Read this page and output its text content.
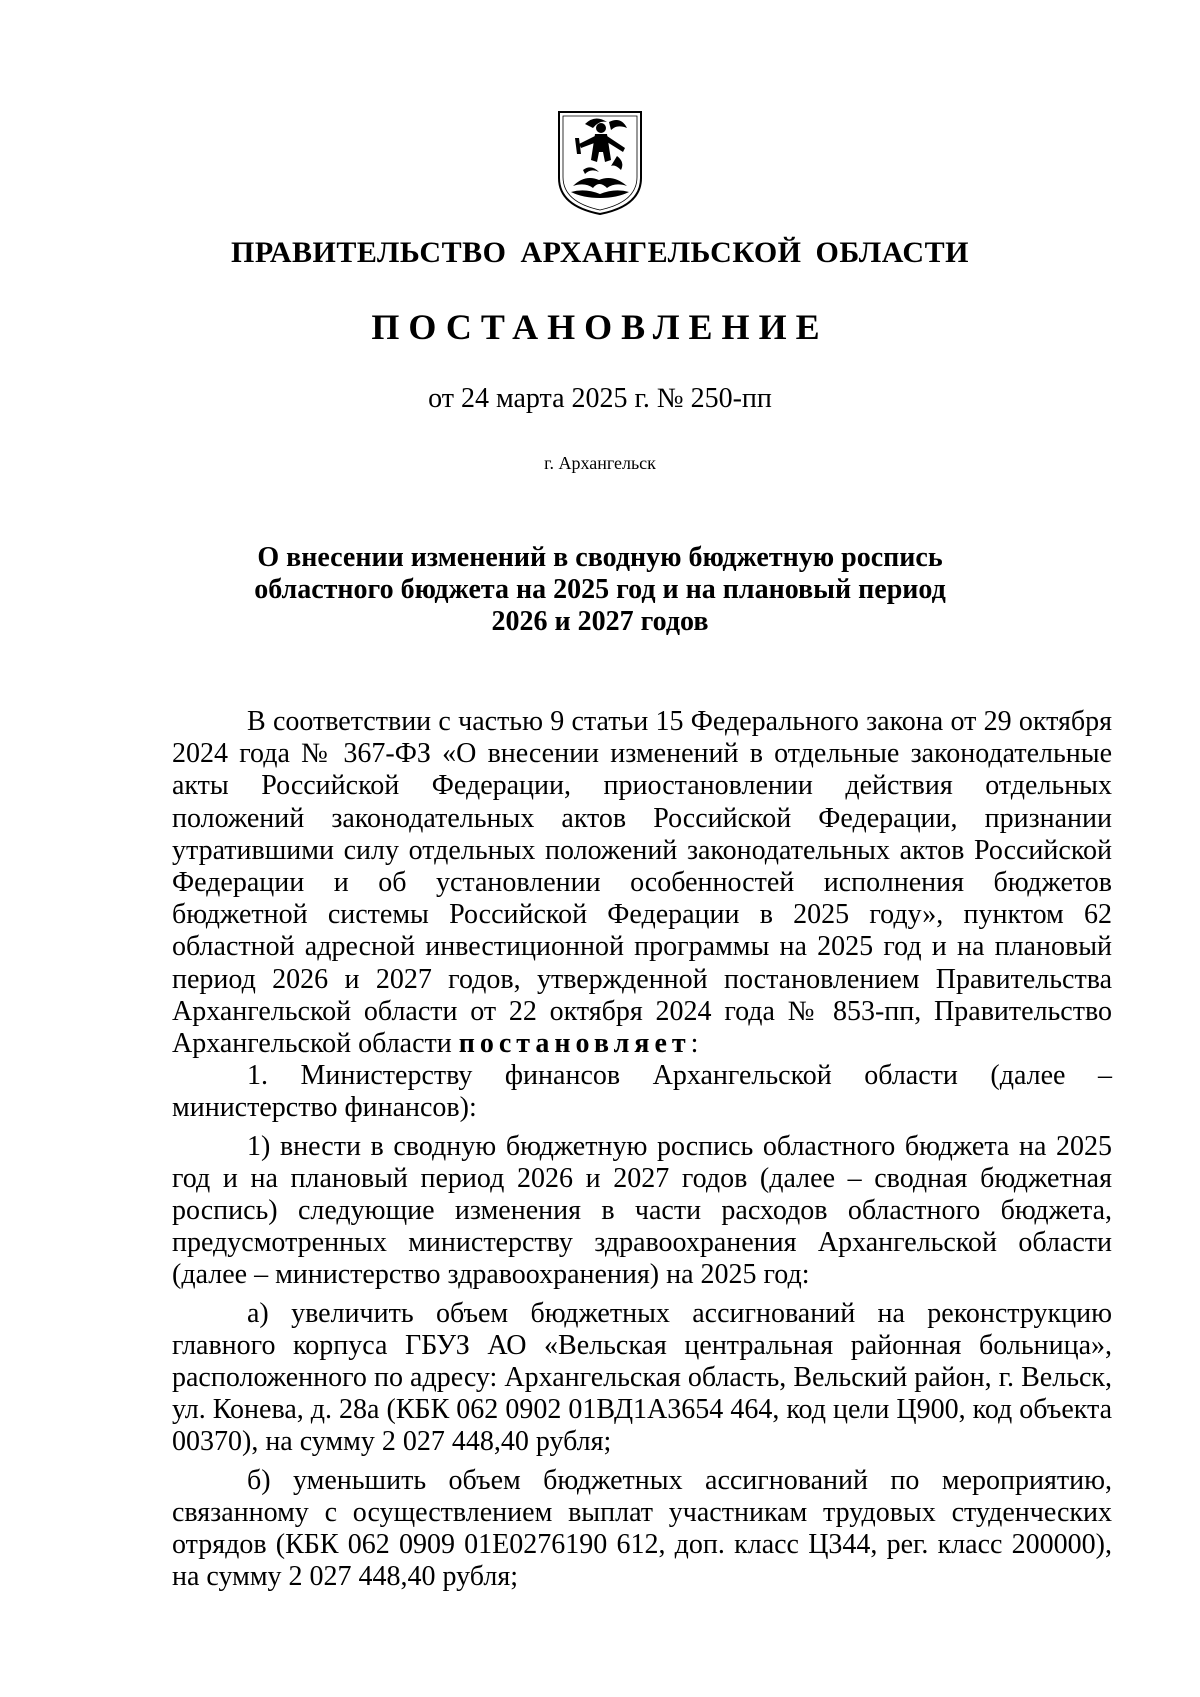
ПРАВИТЕЛЬСТВО АРХАНГЕЛЬСКОЙ ОБЛАСТИ
ПОСТАНОВЛЕНИЕ
от 24 марта 2025 г. № 250-пп
г. Архангельск
О внесении изменений в сводную бюджетную роспись
областного бюджета на 2025 год и на плановый период
2026 и 2027 годов

В соответствии с частью 9 статьи 15 Федерального закона от 29 октября 2024 года № 367-ФЗ «О внесении изменений в отдельные законодательные акты Российской Федерации, приостановлении действия отдельных положений законодательных актов Российской Федерации, признании утратившими силу отдельных положений законодательных актов Российской Федерации и об установлении особенностей исполнения бюджетов бюджетной системы Российской Федерации в 2025 году», пунктом 62 областной адресной инвестиционной программы на 2025 год и на плановый период 2026 и 2027 годов, утвержденной постановлением Правительства Архангельской области от 22 октября 2024 года № 853-пп, Правительство Архангельской области постановляет:

1. Министерству финансов Архангельской области (далее – министерство финансов):

1) внести в сводную бюджетную роспись областного бюджета на 2025 год и на плановый период 2026 и 2027 годов (далее – сводная бюджетная роспись) следующие изменения в части расходов областного бюджета, предусмотренных министерству здравоохранения Архангельской области (далее – министерство здравоохранения) на 2025 год:

а) увеличить объем бюджетных ассигнований на реконструкцию главного корпуса ГБУЗ АО «Вельская центральная районная больница», расположенного по адресу: Архангельская область, Вельский район, г. Вельск, ул. Конева, д. 28а (КБК 062 0902 01ВД1А3654 464, код цели Ц900, код объекта 00370), на сумму 2 027 448,40 рубля;

б) уменьшить объем бюджетных ассигнований по мероприятию, связанному с осуществлением выплат участникам трудовых студенческих отрядов (КБК 062 0909 01Е0276190 612, доп. класс Ц344, рег. класс 200000), на сумму 2 027 448,40 рубля;
